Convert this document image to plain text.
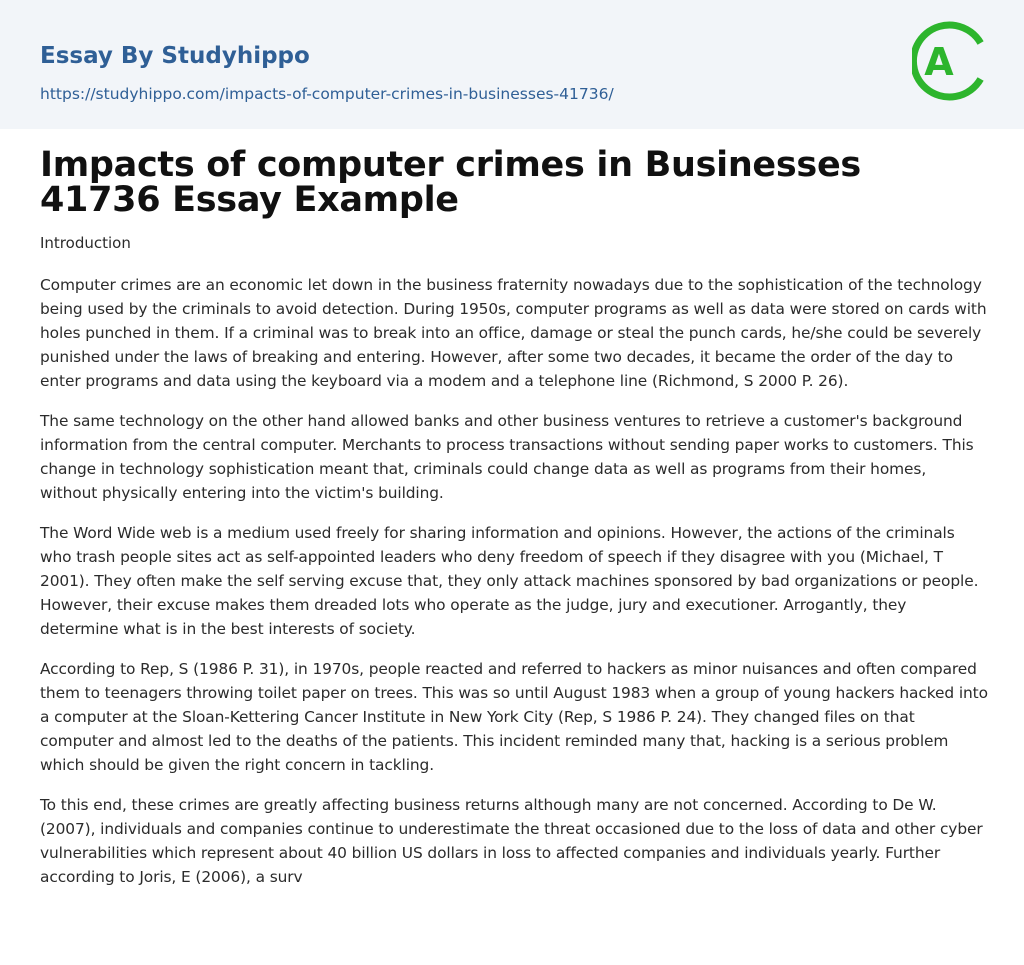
Essay By Studyhippo
https://studyhippo.com/impacts-of-computer-crimes-in-businesses-41736/
A
Impacts of computer crimes in Businesses 41736 Essay Example
Introduction

Computer crimes are an economic let down in the business fraternity nowadays due to the sophistication of the technology being used by the criminals to avoid detection. During 1950s, computer programs as well as data were stored on cards with holes punched in them. If a criminal was to break into an office, damage or steal the punch cards, he/she could be severely punished under the laws of breaking and entering. However, after some two decades, it became the order of the day to enter programs and data using the keyboard via a modem and a telephone line (Richmond, S 2000 P. 26).

The same technology on the other hand allowed banks and other business ventures to retrieve a customer's background information from the central computer. Merchants to process transactions without sending paper works to customers. This change in technology sophistication meant that, criminals could change data as well as programs from their homes, without physically entering into the victim's building.

The Word Wide web is a medium used freely for sharing information and opinions. However, the actions of the criminals who trash people sites act as self-appointed leaders who deny freedom of speech if they disagree with you (Michael, T 2001). They often make the self serving excuse that, they only attack machines sponsored by bad organizations or people. However, their excuse makes them dreaded lots who operate as the judge, jury and executioner. Arrogantly, they determine what is in the best interests of society.

According to Rep, S (1986 P. 31), in 1970s, people reacted and referred to hackers as minor nuisances and often compared them to teenagers throwing toilet paper on trees. This was so until August 1983 when a group of young hackers hacked into a computer at the Sloan-Kettering Cancer Institute in New York City (Rep, S 1986 P. 24). They changed files on that computer and almost led to the deaths of the patients. This incident reminded many that, hacking is a serious problem which should be given the right concern in tackling.

To this end, these crimes are greatly affecting business returns although many are not concerned. According to De W. (2007), individuals and companies continue to underestimate the threat occasioned due to the loss of data and other cyber vulnerabilities which represent about 40 billion US dollars in loss to affected companies and individuals yearly. Further according to Joris, E (2006), a surv
